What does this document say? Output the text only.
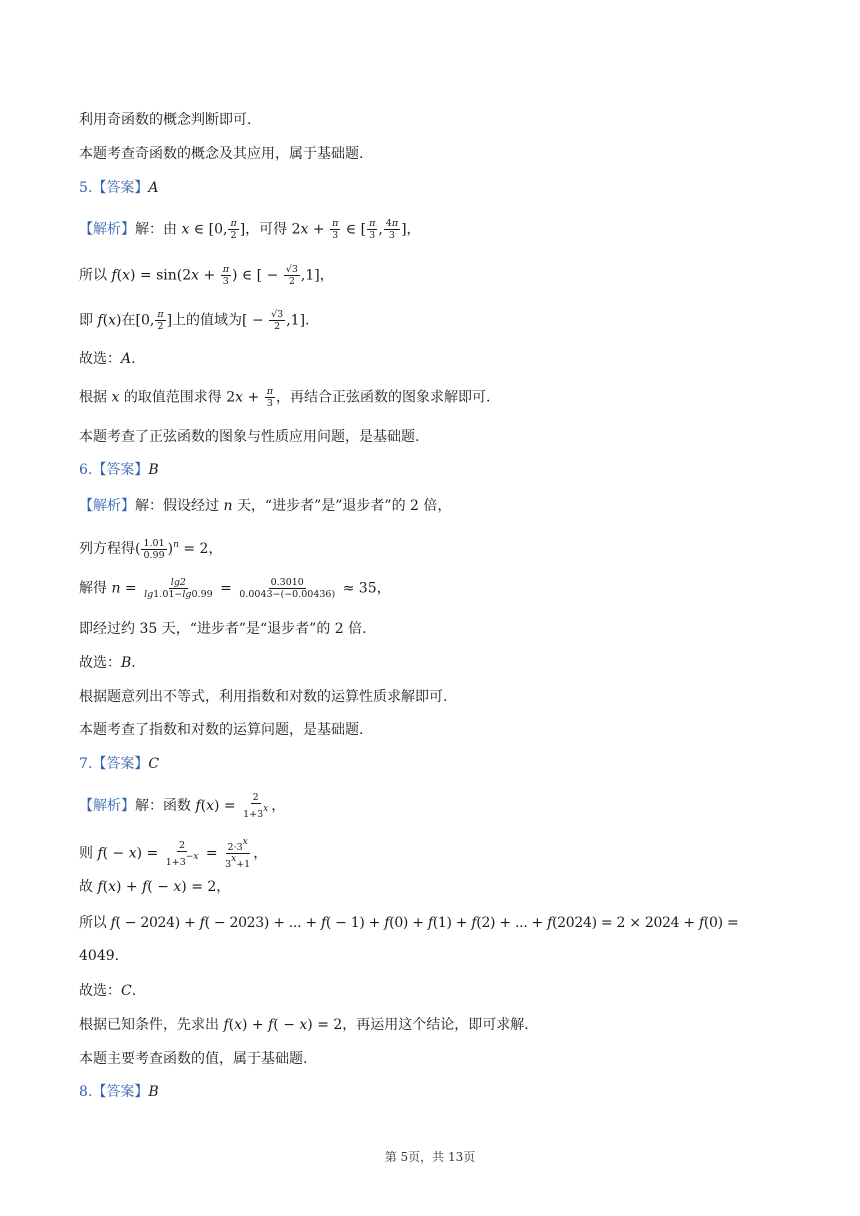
利用奇函数的概念判断即可.
本题考查奇函数的概念及其应用，属于基础题.
5.【答案】A
【解析】解：由 x ∈ [0, $\frac{\pi}{2}$ ]，可得 $2x + \frac{\pi}{3}$ ∈ [ $\frac{\pi}{3}$ , $\frac{4\pi}{3}$ ]，
所以 $f(x) = \sin(2x + \frac{\pi}{3}$ ) ∈ [ − $\frac{√3}{2} ,1$]，
即 f(x)在[0, $\frac{\pi}{2}$ ]上的值域为[ − $\frac{√3}{2} ,1$].
故选：A.
根据 x 的取值范围求得 $2x + \frac{\pi}{3}$ ，再结合正弦函数的图象求解即可.
本题考查了正弦函数的图象与性质应用问题，是基础题.
6.【答案】B
【解析】解：假设经过 n 天，“进步者”是”退步者”的 2 倍，
列方程得( $\frac{1.01}{0.99} )^n = 2$，
解得 $n = \frac{\lg 2}{\lg 1.01-\lg 0.99} = \frac{0.3010}{0.0043-(-0.00436)} \approx 35$，
即经过约 35 天，“进步者”是“退步者”的 2 倍.
故选：B.
根据题意列出不等式，利用指数和对数的运算性质求解即可.
本题考查了指数和对数的运算问题，是基础题.
7.【答案】C
【解析】解：函数 $f(x) = \frac{2}{1+3x}$ ，
则 $f( - x) = \frac{2}{1+3-x} = \frac{2\cdot 3x}{3x+1}$ ，
故 f(x) + f( − x) = 2，
所以 f( − 2024) + f( − 2023) + ... + f( − 1) + f(0) + f(1) + f(2) + ... + f(2024) = 2 × 2024 + f(0) =
4049.
故选：C.
根据已知条件，先求出 f(x) + f( − x) = 2，再运用这个结论，即可求解.
本题主要考查函数的值，属于基础题.
8.【答案】B
第 5页，共 13页
